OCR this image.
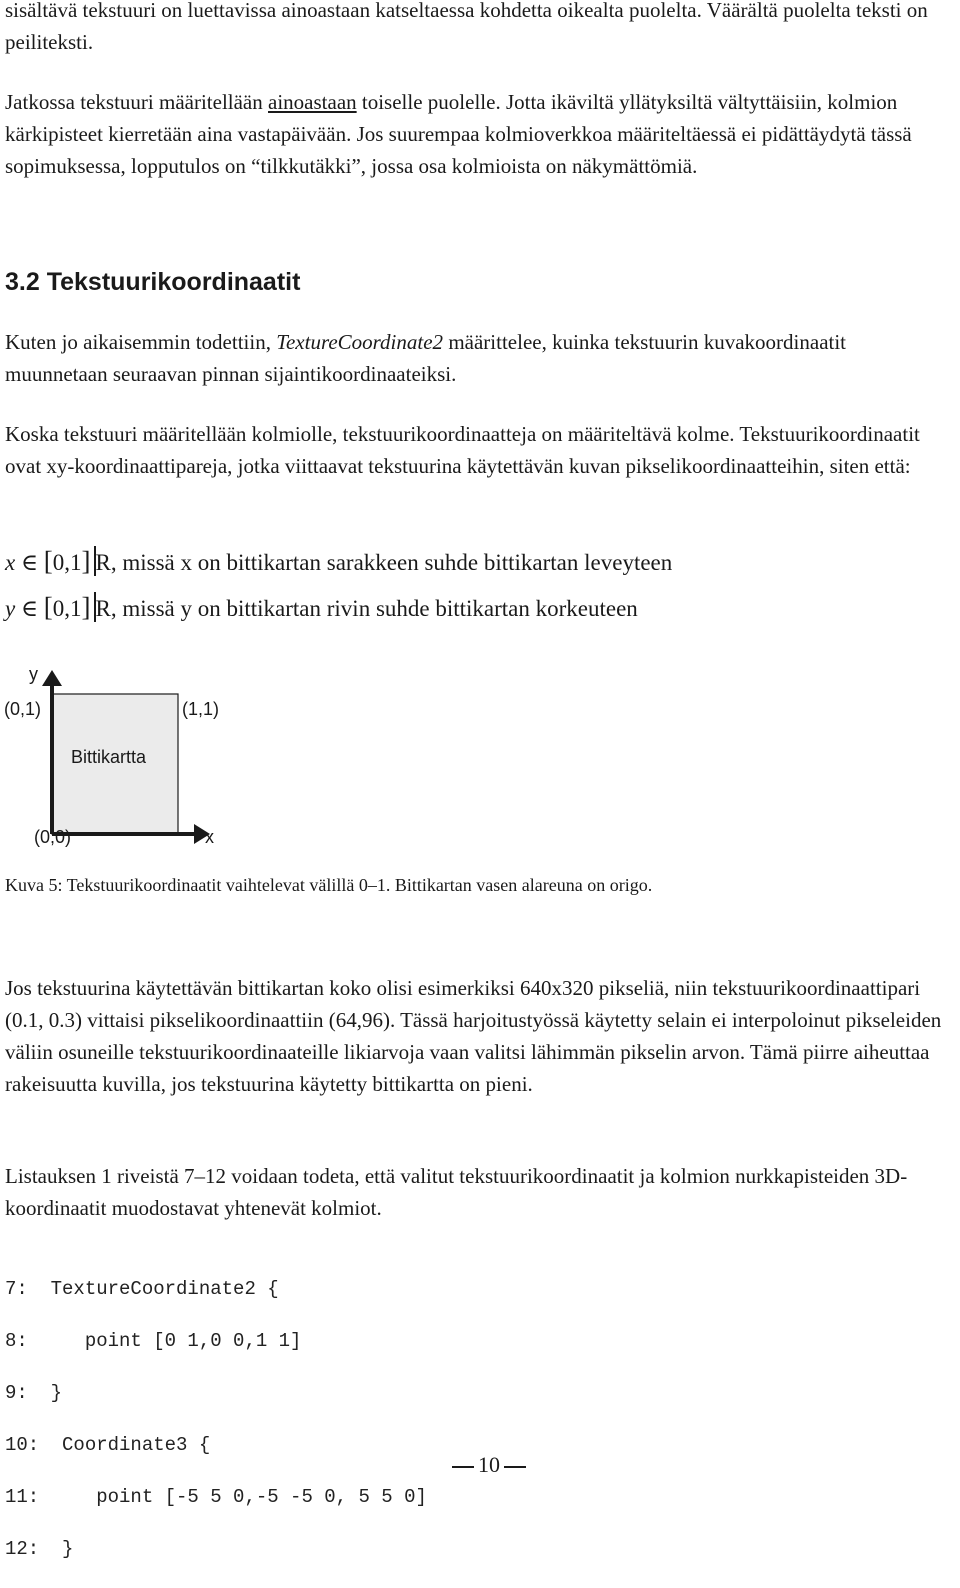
sisältävä tekstuuri on luettavissa ainoastaan katseltaessa kohdetta oikealta puolelta. Väärältä puolelta teksti on peiliteksti.

Jatkossa tekstuuri määritellään ainoastaan toiselle puolelle. Jotta ikäviltä yllätyksiltä vältyttäisiin, kolmion kärkipisteet kierretään aina vastapäivään. Jos suurempaa kolmioverkkoa määriteltäessä ei pidättäydytä tässä sopimuksessa, lopputulos on “tilkkutäkki”, jossa osa kolmioista on näkymättömiä.

3.2 Tekstuurikoordinaatit

Kuten jo aikaisemmin todettiin, TextureCoordinate2 määrittelee, kuinka tekstuurin kuvakoordinaatit muunnetaan seuraavan pinnan sijaintikoordinaateiksi.

Koska tekstuuri määritellään kolmiolle, tekstuurikoordinaatteja on määriteltävä kolme. Tekstuurikoordinaatit ovat xy-koordinaattipareja, jotka viittaavat tekstuurina käytettävän kuvan pikselikoordinaatteihin, siten että:

x ∈ [0,1] R, missä x on bittikartan sarakkeen suhde bittikartan leveyteen
y ∈ [0,1] R, missä y on bittikartan rivin suhde bittikartan korkeuteen
y
(0,1)	(1,1)
Bittikartta
(0,0)	x
Kuva 5: Tekstuurikoordinaatit vaihtelevat välillä 0–1. Bittikartan vasen alareuna on origo.

Jos tekstuurina käytettävän bittikartan koko olisi esimerkiksi 640x320 pikseliä, niin tekstuurikoordinaattipari (0.1, 0.3) vittaisi pikselikoordinaattiin (64,96). Tässä harjoitustyössä käytetty selain ei interpoloinut pikseleiden väliin osuneille tekstuurikoordinaateille likiarvoja vaan valitsi lähimmän pikselin arvon. Tämä piirre aiheuttaa rakeisuutta kuvilla, jos tekstuurina käytetty bittikartta on pieni.

Listauksen 1 riveistä 7–12 voidaan todeta, että valitut tekstuurikoordinaatit ja kolmion nurkkapisteiden 3D-koordinaatit muodostavat yhtenevät kolmiot.

7:  TextureCoordinate2 {

8:     point [0 1,0 0,1 1]

9:  }

10:  Coordinate3 {

11:     point [-5 5 0,-5 -5 0, 5 5 0]

12:  }

10
